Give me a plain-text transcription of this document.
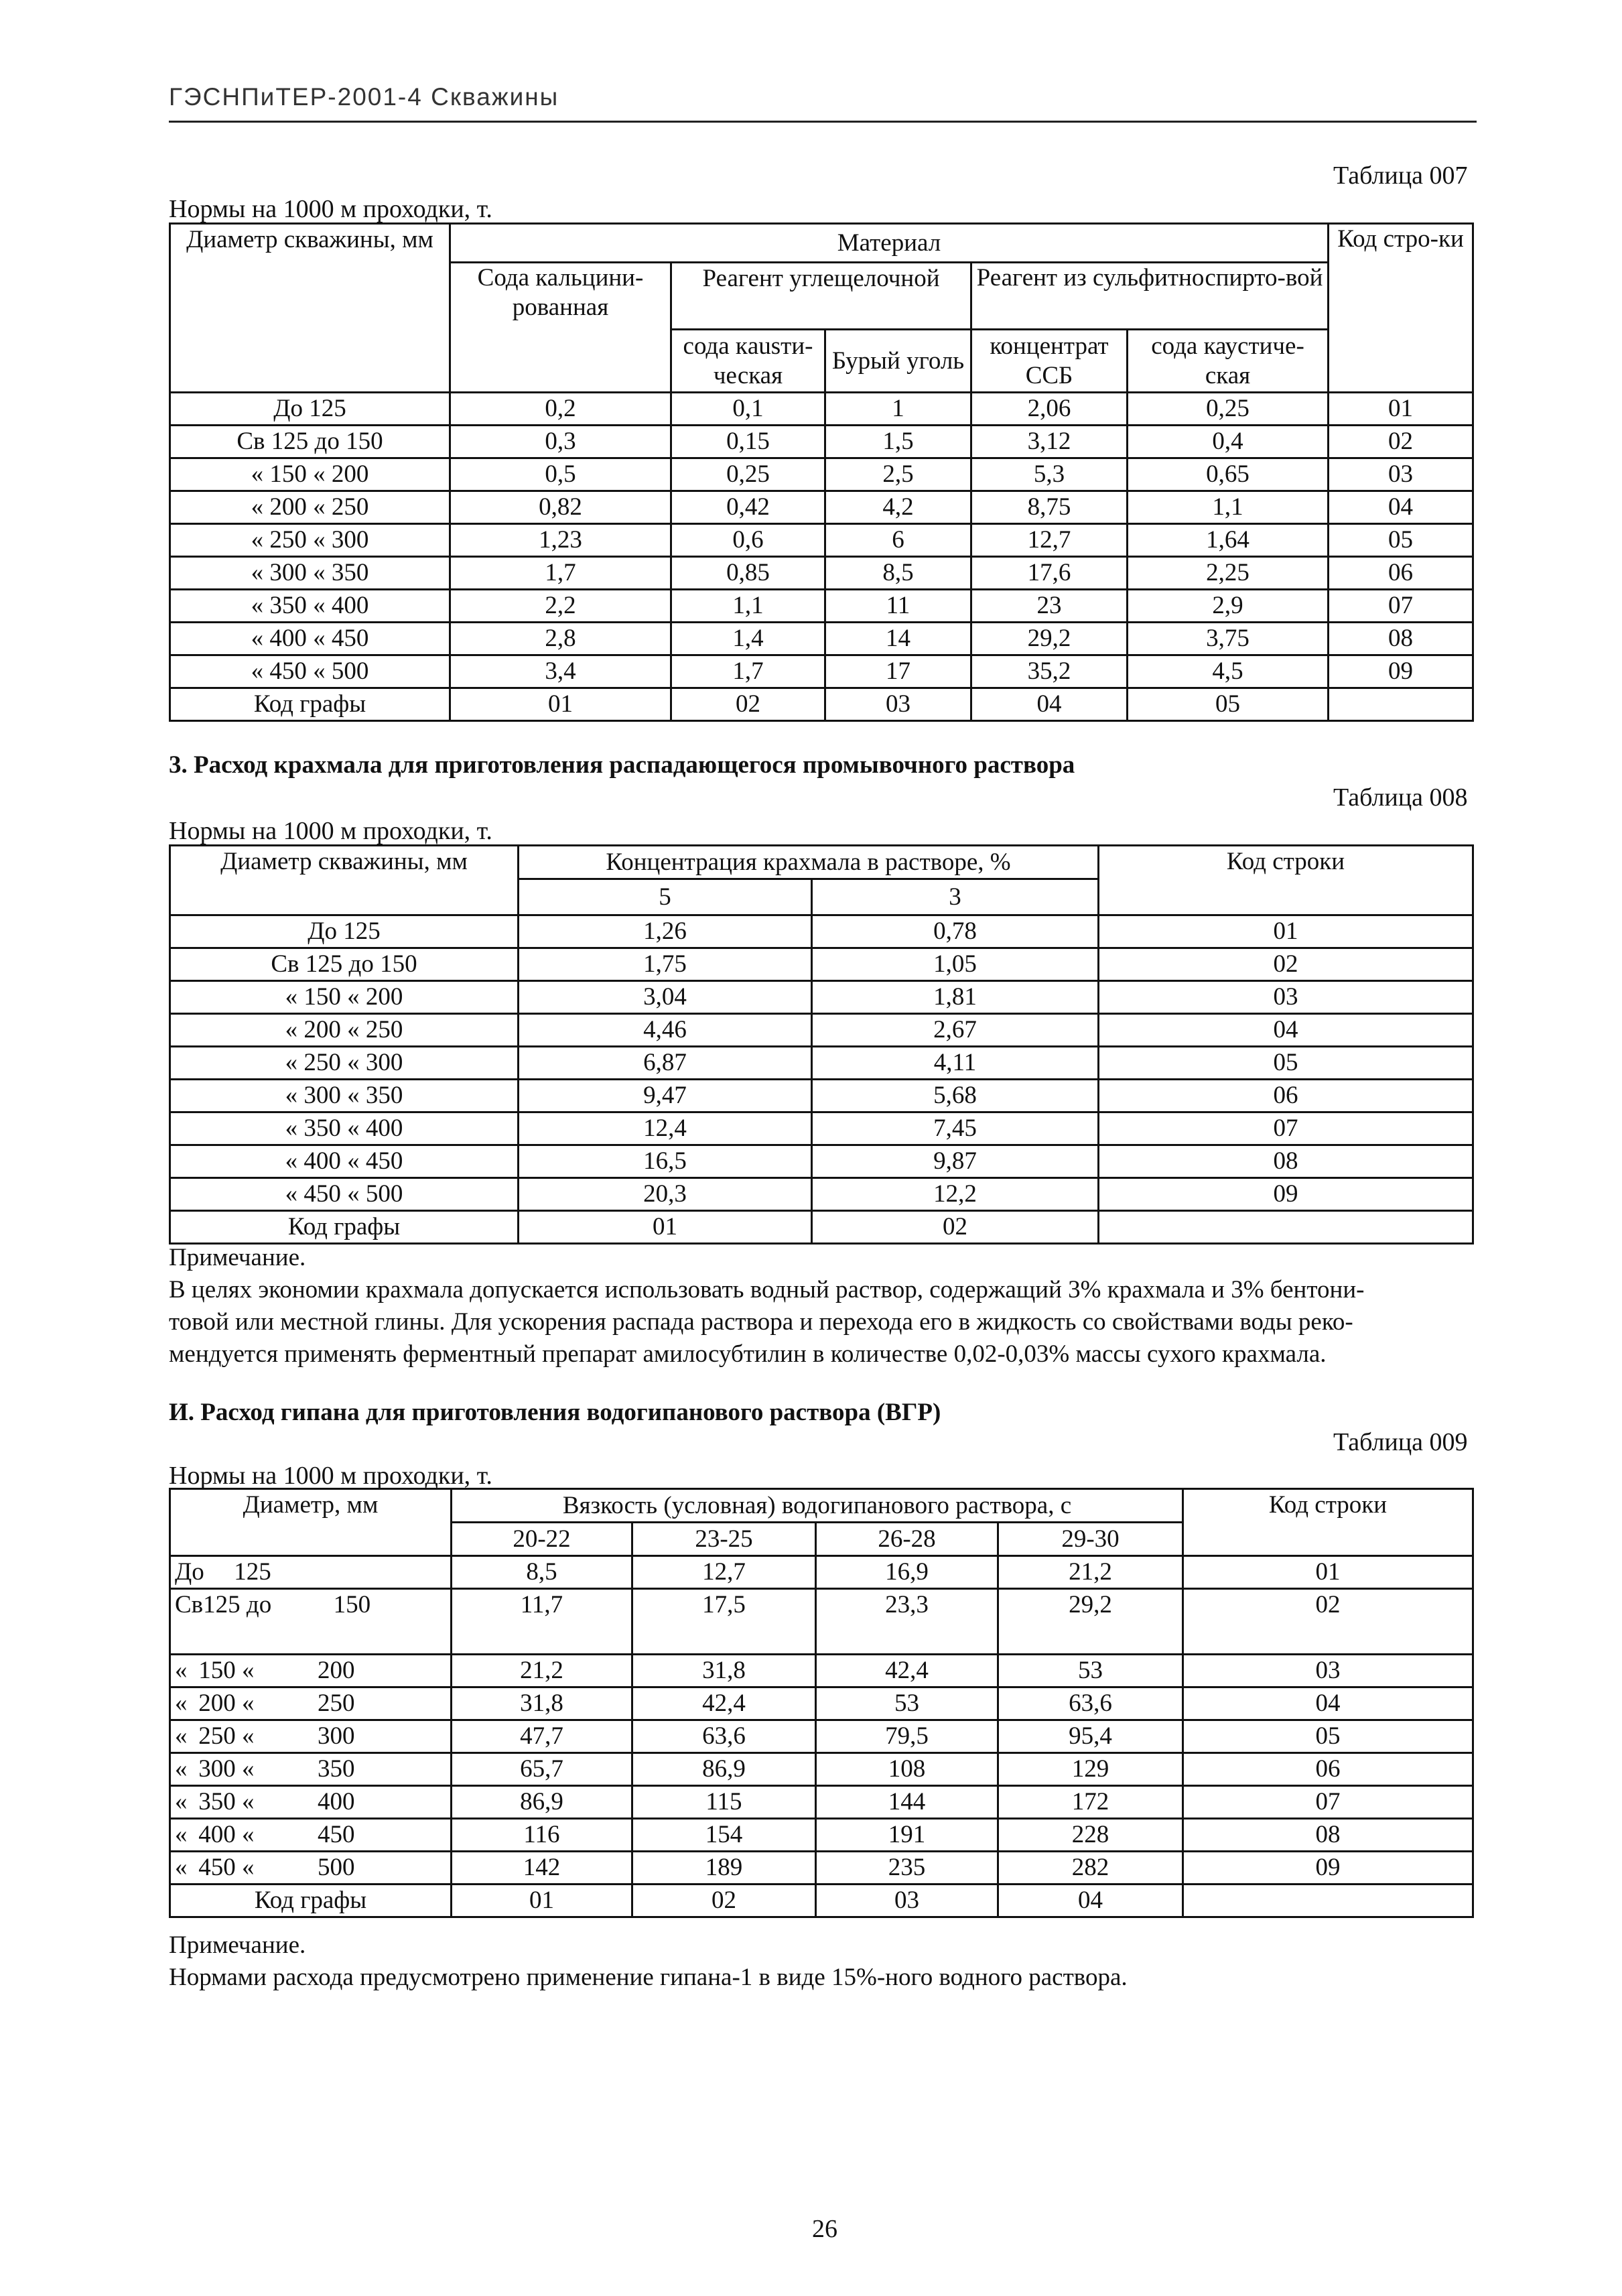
ГЭСНПиТЕР-2001-4 Скважины
Таблица 007
Нормы на 1000 м проходки, т.
Диаметр скважины, мм	Материал					Код стро-ки
	Сода кальцини-рованная	Реагент углещелочной		Реагент из сульфитноспирто-вой		
		сода кausти-ческая	Бурый уголь	концентрат ССБ	сода каустиче-ская	
До 125	0,2	0,1	1	2,06	0,25	01
Св 125 до 150	0,3	0,15	1,5	3,12	0,4	02
« 150 « 200	0,5	0,25	2,5	5,3	0,65	03
« 200 « 250	0,82	0,42	4,2	8,75	1,1	04
« 250 « 300	1,23	0,6	6	12,7	1,64	05
« 300 « 350	1,7	0,85	8,5	17,6	2,25	06
« 350 « 400	2,2	1,1	11	23	2,9	07
« 400 « 450	2,8	1,4	14	29,2	3,75	08
« 450 « 500	3,4	1,7	17	35,2	4,5	09
Код графы	01	02	03	04	05	
3. Расход крахмала для приготовления распадающегося промывочного раствора
Таблица 008
Нормы на 1000 м проходки, т.
Диаметр скважины, мм	Концентрация крахмала в растворе, %		Код строки
	5	3	
До 125	1,26	0,78	01
Св 125 до 150	1,75	1,05	02
« 150 « 200	3,04	1,81	03
« 200 « 250	4,46	2,67	04
« 250 « 300	6,87	4,11	05
« 300 « 350	9,47	5,68	06
« 350 « 400	12,4	7,45	07
« 400 « 450	16,5	9,87	08
« 450 « 500	20,3	12,2	09
Код графы	01	02	
Примечание.
В целях экономии крахмала допускается использовать водный раствор, содержащий 3% крахмала и 3% бентони-
товой или местной глины. Для ускорения распада раствора и перехода его в жидкость со свойствами воды реко-
мендуется применять ферментный препарат амилосубтилин в количестве 0,02-0,03% массы сухого крахмала.
И. Расход гипана для приготовления водогипанового раствора (ВГР)
Таблица 009
Нормы на 1000 м проходки, т.
Диаметр, мм	Вязкость (условная) водогипанового раствора, с				Код строки
	20-22	23-25	26-28	29-30	
До 125	8,5	12,7	16,9	21,2	01
Св125 до 150	11,7	17,5	23,3	29,2	02
« 150 « 200	21,2	31,8	42,4	53	03
« 200 « 250	31,8	42,4	53	63,6	04
« 250 « 300	47,7	63,6	79,5	95,4	05
« 300 « 350	65,7	86,9	108	129	06
« 350 « 400	86,9	115	144	172	07
« 400 « 450	116	154	191	228	08
« 450 « 500	142	189	235	282	09
Код графы	01	02	03	04	
Примечание.
Нормами расхода предусмотрено применение гипана-1 в виде 15%-ного водного раствора.
26
